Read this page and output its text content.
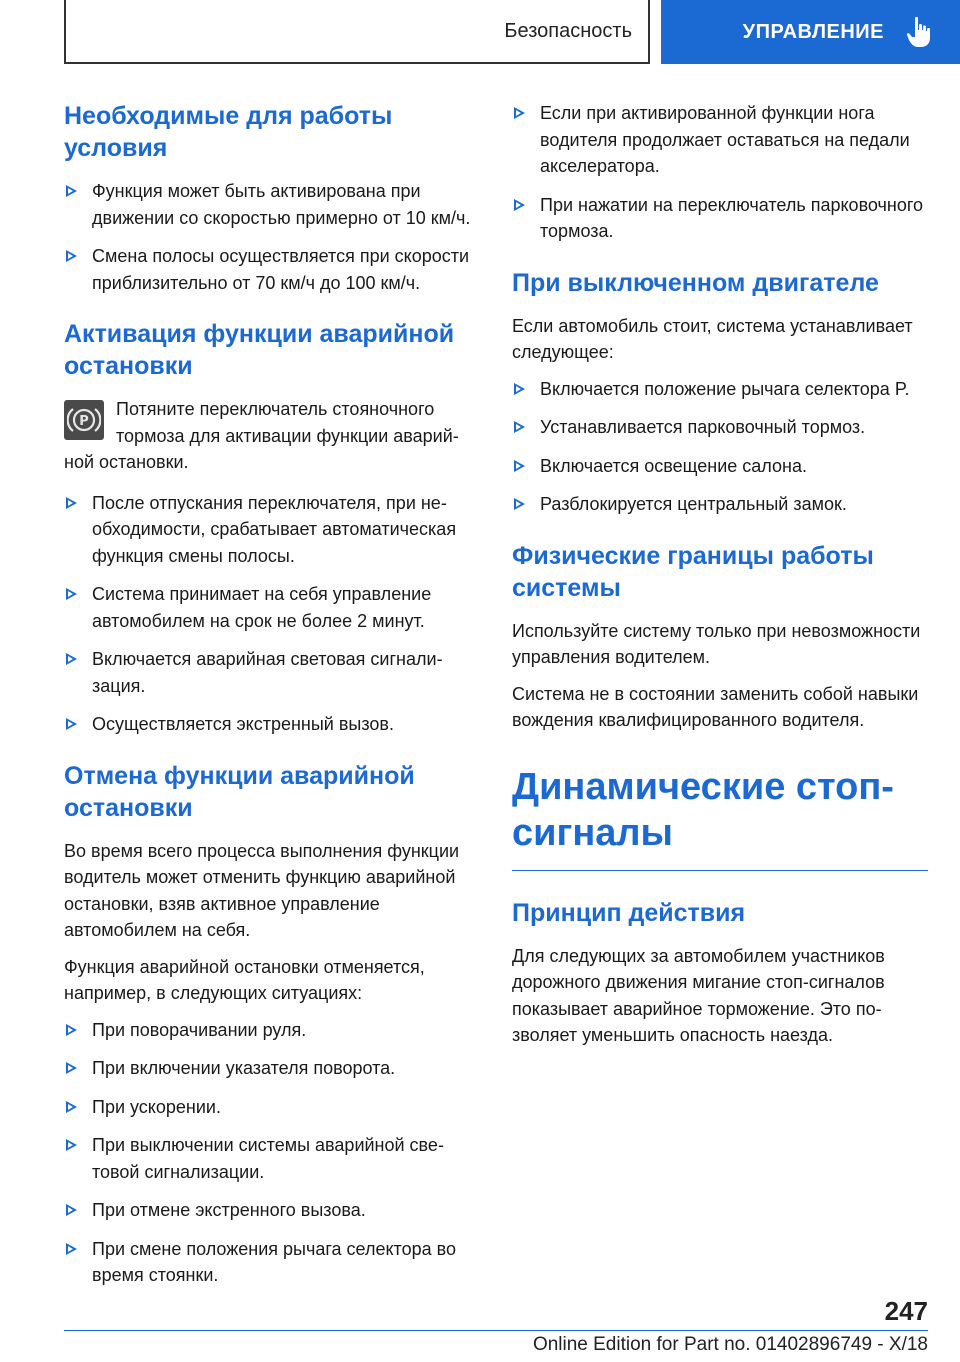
Безопасность	УПРАВЛЕНИЕ
Необходимые для работы условия
Функция может быть активирована при движении со скоростью примерно от 10 км/ч.
Смена полосы осуществляется при скорости приблизительно от 70 км/ч до 100 км/ч.
Активация функции аварийной остановки
P
Потяните переключатель стояночного тормоза для активации функции аварийной остановки.
После отпускания переключателя, при необходимости, срабатывает автоматическая функция смены полосы.
Система принимает на себя управление автомобилем на срок не более 2 минут.
Включается аварийная световая сигнализация.
Осуществляется экстренный вызов.
Отмена функции аварийной остановки

Во время всего процесса выполнения функции водитель может отменить функцию аварийной остановки, взяв активное управление автомобилем на себя.

Функция аварийной остановки отменяется, например, в следующих ситуациях:

При поворачивании руля.
При включении указателя поворота.
При ускорении.
При выключении системы аварийной световой сигнализации.
При отмене экстренного вызова.
При смене положения рычага селектора во время стоянки.
Если при активированной функции нога водителя продолжает оставаться на педали акселератора.
При нажатии на переключатель парковочного тормоза.
При выключенном двигателе

Если автомобиль стоит, система устанавливает следующее:

Включается положение рычага селектора P.
Устанавливается парковочный тормоз.
Включается освещение салона.
Разблокируется центральный замок.
Физические границы работы системы

Используйте систему только при невозможности управления водителем.

Система не в состоянии заменить собой навыки вождения квалифицированного водителя.

Динамические стоп-сигналы
Принцип действия

Для следующих за автомобилем участников дорожного движения мигание стоп-сигналов показывает аварийное торможение. Это позволяет уменьшить опасность наезда.

247
Online Edition for Part no. 01402896749 - X/18
